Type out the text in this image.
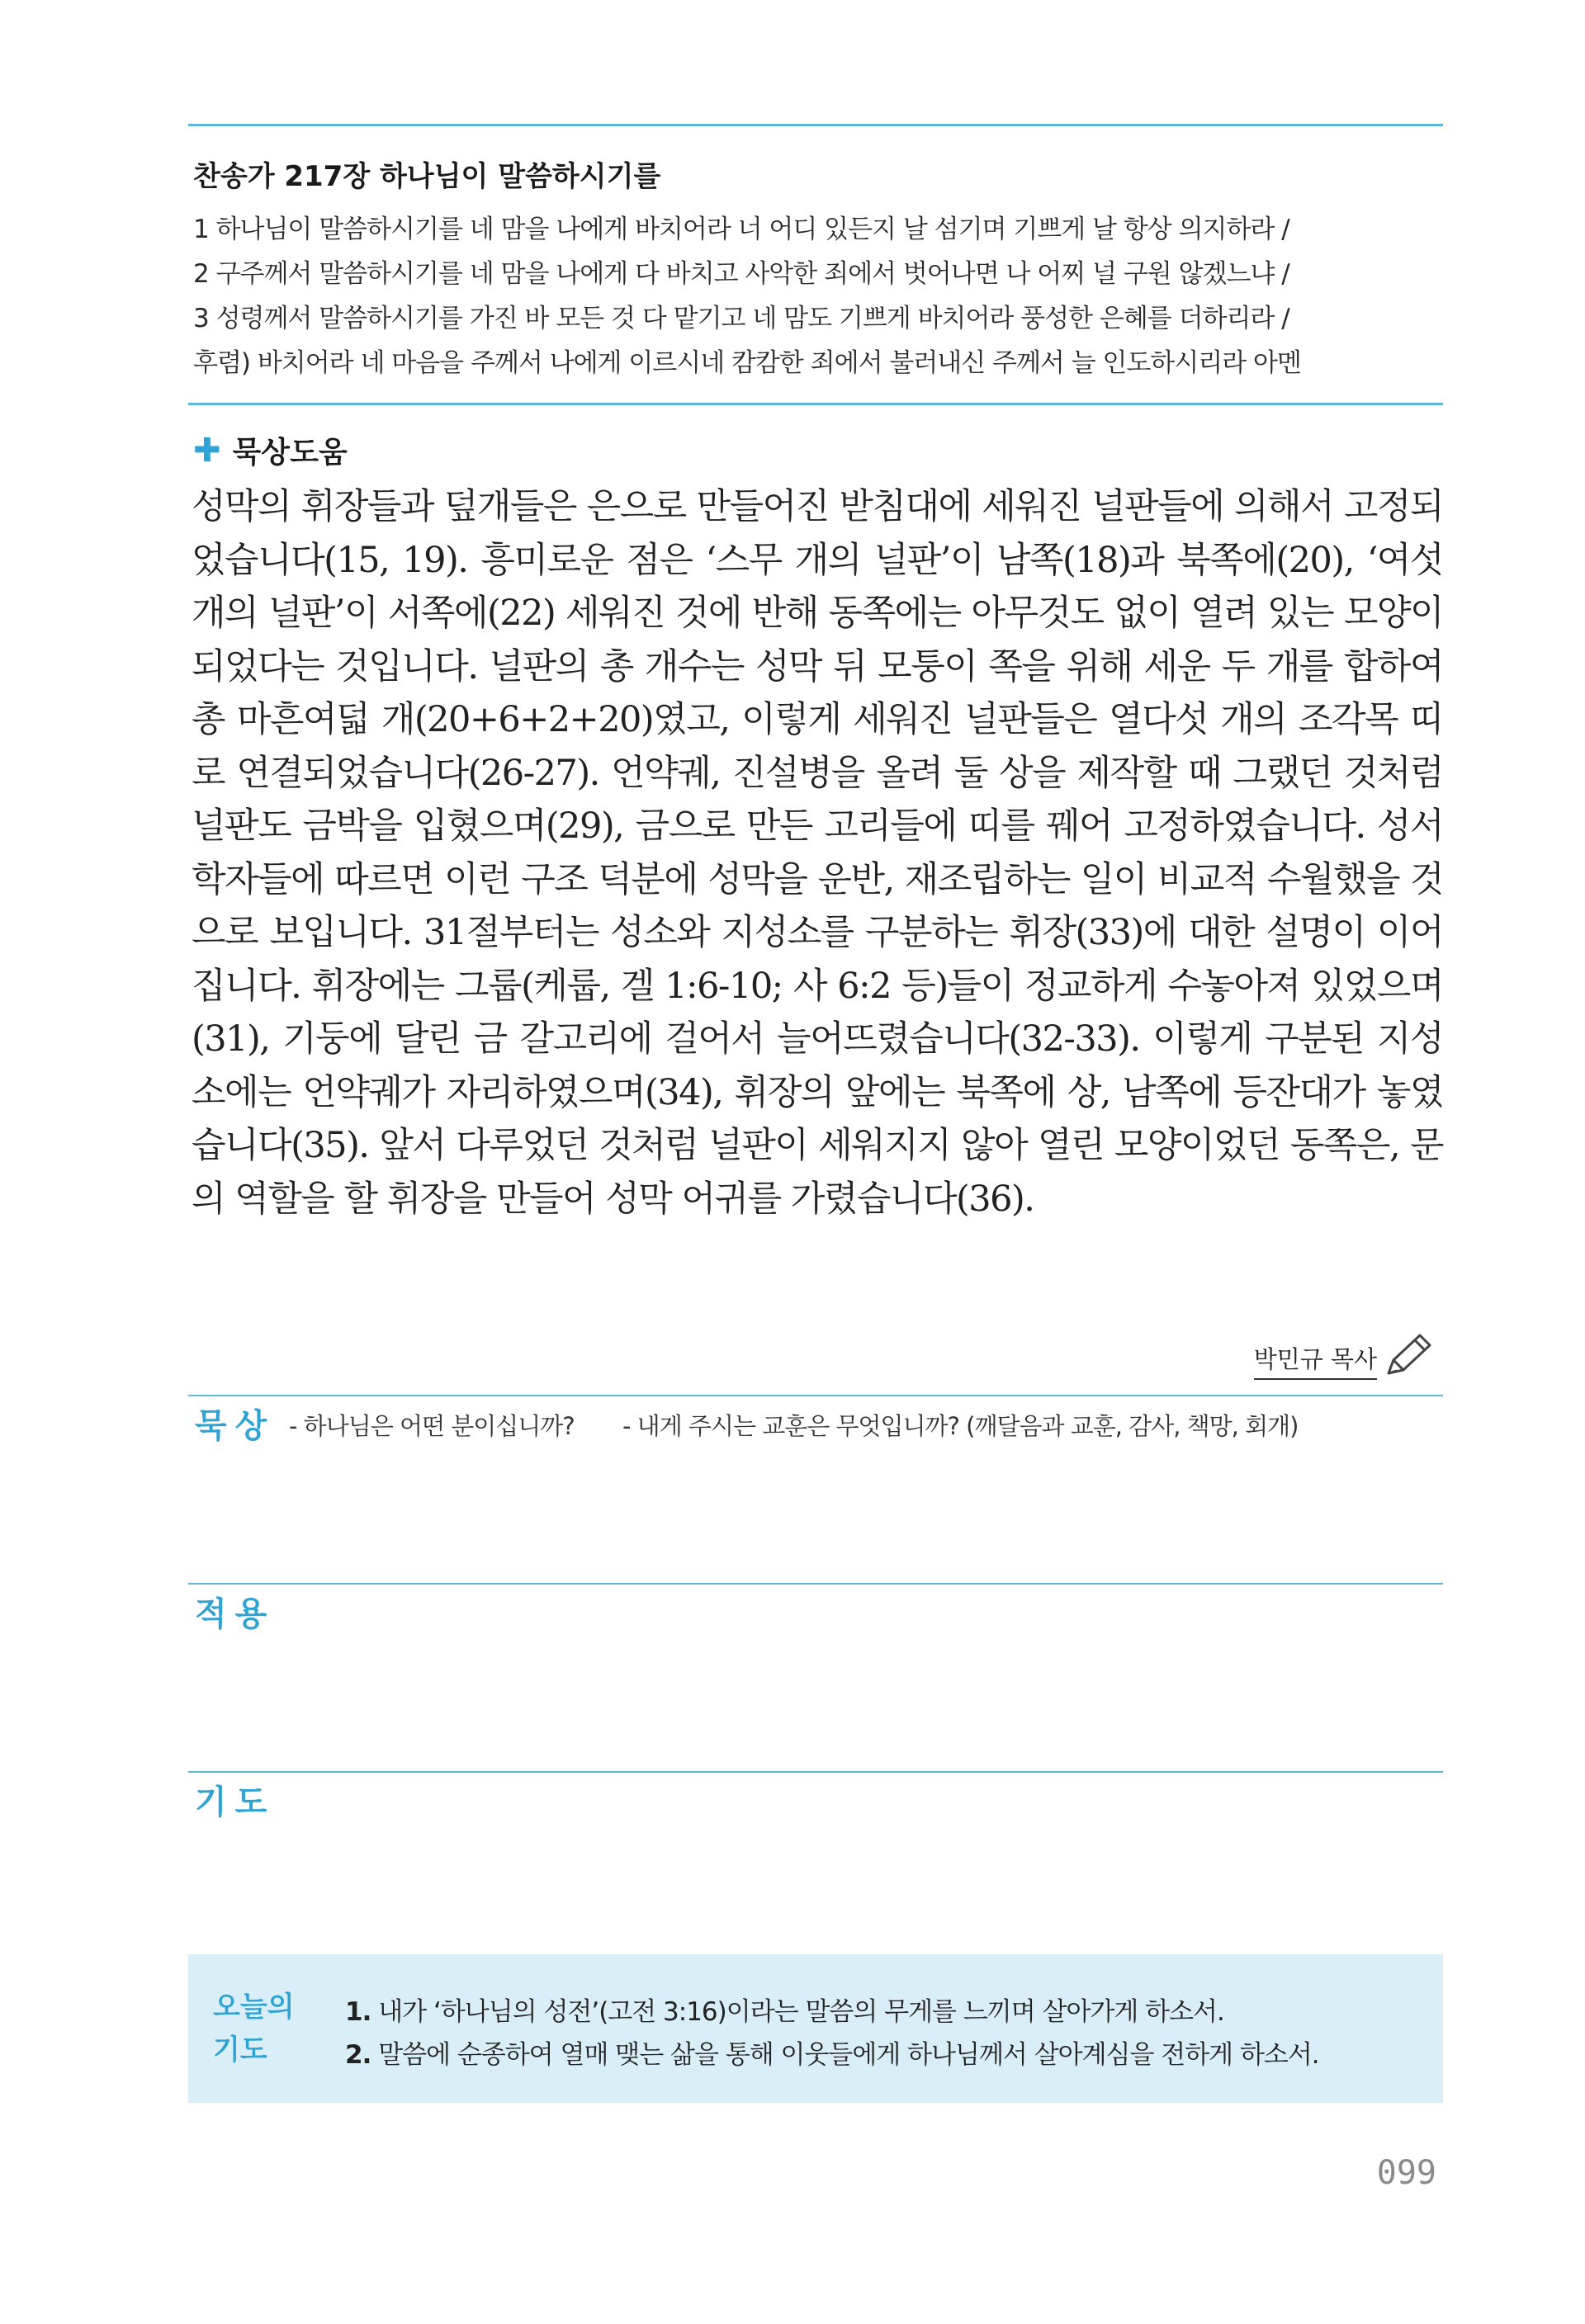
찬송가 217장 하나님이 말씀하시기를
1 하나님이 말씀하시기를 네 맘을 나에게 바치어라 너 어디 있든지 날 섬기며 기쁘게 날 항상 의지하라 /
2 구주께서 말씀하시기를 네 맘을 나에게 다 바치고 사악한 죄에서 벗어나면 나 어찌 널 구원 않겠느냐 /
3 성령께서 말씀하시기를 가진 바 모든 것 다 맡기고 네 맘도 기쁘게 바치어라 풍성한 은혜를 더하리라 /
후렴) 바치어라 네 마음을 주께서 나에게 이르시네 캄캄한 죄에서 불러내신 주께서 늘 인도하시리라 아멘
✚ 묵상도움
성막의 휘장들과 덮개들은 은으로 만들어진 받침대에 세워진 널판들에 의해서 고정되었습니다(15, 19). 흥미로운 점은 ‘스무 개의 널판’이 남쪽(18)과 북쪽에(20), ‘여섯 개의 널판’이 서쪽에(22) 세워진 것에 반해 동쪽에는 아무것도 없이 열려 있는 모양이 되었다는 것입니다. 널판의 총 개수는 성막 뒤 모퉁이 쪽을 위해 세운 두 개를 합하여 총 마흔여덟 개(20+6+2+20)였고, 이렇게 세워진 널판들은 열다섯 개의 조각목 띠로 연결되었습니다(26-27). 언약궤, 진설병을 올려 둘 상을 제작할 때 그랬던 것처럼 널판도 금박을 입혔으며(29), 금으로 만든 고리들에 띠를 꿰어 고정하였습니다. 성서학자들에 따르면 이런 구조 덕분에 성막을 운반, 재조립하는 일이 비교적 수월했을 것으로 보입니다. 31절부터는 성소와 지성소를 구분하는 휘장(33)에 대한 설명이 이어집니다. 휘장에는 그룹(케룹, 겔 1:6-10; 사 6:2 등)들이 정교하게 수놓아져 있었으며(31), 기둥에 달린 금 갈고리에 걸어서 늘어뜨렸습니다(32-33). 이렇게 구분된 지성소에는 언약궤가 자리하였으며(34), 휘장의 앞에는 북쪽에 상, 남쪽에 등잔대가 놓였습니다(35). 앞서 다루었던 것처럼 널판이 세워지지 않아 열린 모양이었던 동쪽은, 문의 역할을 할 휘장을 만들어 성막 어귀를 가렸습니다(36).
박민규 목사
묵상 - 하나님은 어떤 분이십니까? - 내게 주시는 교훈은 무엇입니까? (깨달음과 교훈, 감사, 책망, 회개)
적용
기도
오늘의 기도
1. 내가 ‘하나님의 성전’(고전 3:16)이라는 말씀의 무게를 느끼며 살아가게 하소서.
2. 말씀에 순종하여 열매 맺는 삶을 통해 이웃들에게 하나님께서 살아계심을 전하게 하소서.
099
